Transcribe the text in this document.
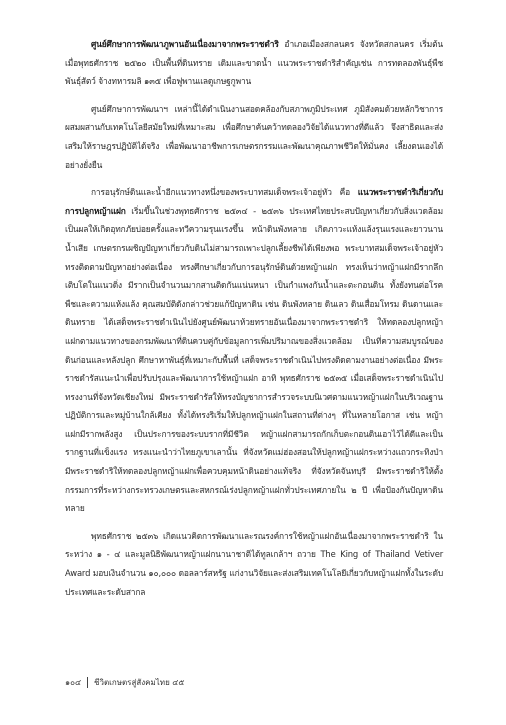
ศูนย์ศึกษาการพัฒนาภูพานอันเนื่องมาจากพระราชดำริ อำเภอเมืองสกลนคร จังหวัดสกลนคร เริ่มต้นเมื่อพุทธศักราช ๒๕๒๐ เป็นพื้นที่ดินทราย เดิมและขาดน้ำ แนวพระราชดำริสำคัญเช่น การทดลองพันธุ์พืช พันธุ์สัตว์ จ้างทหารมลิ ๑๓๕ เพื่อฟูพานแลดูเกษฐกูพาน

ศูนย์ศึกษาการพัฒนาฯ เหล่านี้ได้ดำเนินงานสอดคล้องกับสภาพภูมิประเทศ ภูมิสังคมด้วยหลักวิชาการผสมผสานกับเทคโนโลยีสมัยใหม่ที่เหมาะสม เพื่อศึกษาค้นคว้าทดลองวิจัยได้แนวทางที่ดีแล้ว จึงสาธิตและส่งเสริมให้ราษฎรปฏิบัติได้จริง เพื่อพัฒนาอาชีพการเกษตรกรรมและพัฒนาคุณภาพชีวิตให้มั่นคง เลี้ยงตนเองได้อย่างยั่งยืน

การอนุรักษ์ดินและน้ำอีกแนวทางหนึ่งของพระบาทสมเด็จพระเจ้าอยู่หัว คือ แนวพระราชดำริเกี่ยวกับการปลูกหญ้าแฝก เริ่มขึ้นในช่วงพุทธศักราช ๒๕๓๔ - ๒๕๓๖ ประเทศไทยประสบปัญหาเกี่ยวกับสิ่งแวดล้อม เป็นผลให้เกิดอุทกภัยบ่อยครั้งและทวีความรุนแรงขึ้น หน้าดินพังทลาย เกิดภาวะแห้งแล้งรุนแรงและยาวนาน น้ำเสีย เกษตรกรเผชิญปัญหาเกี่ยวกับดินไม่สามารถเพาะปลูกเลี้ยงชีพได้เพียงพอ พระบาทสมเด็จพระเจ้าอยู่หัวทรงติดตามปัญหาอย่างต่อเนื่อง ทรงศึกษาเกี่ยวกับการอนุรักษ์ดินด้วยหญ้าแฝก ทรงเห็นว่าหญ้าแฝกมีรากลึก เติบโตในแนวดิ่ง มีรากเป็นจำนวนมากสานติดกันแน่นหนา เป็นกำแพงกันน้ำและตะกอนดิน ทั้งยังทนต่อโรคพืชและความแห้งแล้ง คุณสมบัติดังกล่าวช่วยแก้ปัญหาดิน เช่น ดินพังทลาย ดินเลว ดินเสื่อมโทรม ดินดานและดินทราย ได้เสด็จพระราชดำเนินไปยังศูนย์พัฒนาห้วยทรายอันเนื่องมาจากพระราชดำริ ให้ทดลองปลูกหญ้าแฝกตามแนวทางของกรมพัฒนาที่ดินควบคู่กับข้อมูลการเพิ่มปริมาณของสิ่งแวดล้อม เป็นที่ความสมบูรณ์ของดินก่อนและหลังปลูก ศึกษาหาพันธุ์ที่เหมาะกับพื้นที่ เสด็จพระราชดำเนินไปทรงติดตามงานอย่างต่อเนื่อง มีพระราชดำรัสแนะนำเพื่อปรับปรุงและพัฒนาการใช้หญ้าแฝก อาทิ พุทธศักราช ๒๕๓๕ เมื่อเสด็จพระราชดำเนินไป ทรงงานที่จังหวัดเชียงใหม่ มีพระราชดำรัสให้ทรงบัญชาการสำรวจระบบนิเวศตามแนวหญ้าแฝกในบริเวณฐานปฏิบัติการและหมู่บ้านใกล้เคียง ทั้งได้ทรงริเริ่มให้ปลูกหญ้าแฝกในสถานที่ต่างๆ ที่ในหลายโอกาส เช่น หญ้าแฝกมีรากพลังสูง เป็นประการของระบบรากที่มีชีวิต หญ้าแฝกสามารถกักเก็บตะกอนดินเอาไว้ได้ดีและเป็นรากฐานที่แข็งแรง ทรงแนะนำว่าไทยภูเขาเลานั้น ที่จังหวัดแม่ฮ่องสอนให้ปลูกหญ้าแฝกระหว่างแถวกระทิงป่า มีพระราชดำริให้ทดลองปลูกหญ้าแฝกเพื่อควบคุมหน้าดินอย่างแท้จริง ที่จังหวัดจันทบุรี มีพระราชดำริให้ตั้งกรรมการที่ระหว่างกระทรวงเกษตรและสหกรณ์เร่งปลูกหญ้าแฝกทั่วประเทศภายใน ๒ ปี เพื่อป้องกันปัญหาดินทลาย

พุทธศักราช ๒๕๓๖ เกิดแนวคิดการพัฒนาและรณรงค์การใช้หญ้าแฝกอันเนื่องมาจากพระราชดำริ ในระหว่าง ๑ - ๔ และมูลนิธิพัฒนาหญ้าแฝกนานาชาติได้ทูลเกล้าฯ ถวาย The King of Thailand Vetiver Award มอบเงินจำนวน ๑๐,๐๐๐ ดอลลาร์สหรัฐ แก่งานวิจัยและส่งเสริมเทคโนโลยีเกี่ยวกับหญ้าแฝกทั้งในระดับประเทศและระดับสากล

๑๐๔ ชีวิตเกษตรสู่สังคมไทย ๔๕
